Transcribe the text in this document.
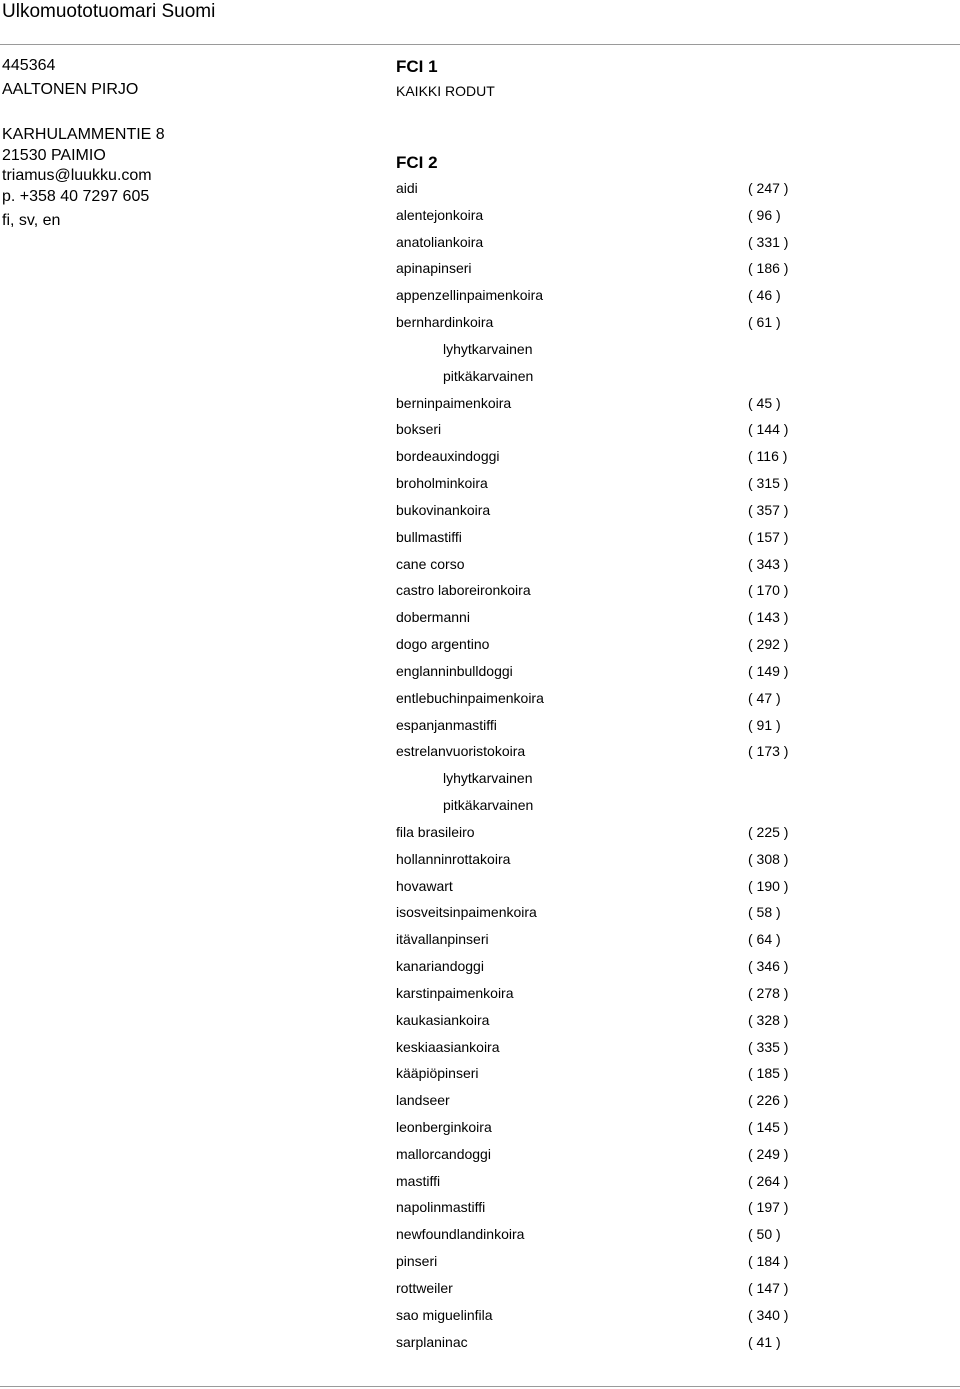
Ulkomuototuomari Suomi
445364
AALTONEN PIRJO
KARHULAMMENTIE 8
21530 PAIMIO
triamus@luukku.com
p. +358 40 7297 605
fi, sv, en
FCI 1
KAIKKI RODUT
FCI 2
aidi	( 247 )
alentejonkoira	( 96 )
anatoliankoira	( 331 )
apinapinseri	( 186 )
appenzellinpaimenkoira	( 46 )
bernhardinkoira	( 61 )
lyhytkarvainen
pitkäkarvainen
berninpaimenkoira	( 45 )
bokseri	( 144 )
bordeauxindoggi	( 116 )
broholminkoira	( 315 )
bukovinankoira	( 357 )
bullmastiffi	( 157 )
cane corso	( 343 )
castro laboreironkoira	( 170 )
dobermanni	( 143 )
dogo argentino	( 292 )
englanninbulldoggi	( 149 )
entlebuchinpaimenkoira	( 47 )
espanjanmastiffi	( 91 )
estrelanvuoristokoira	( 173 )
lyhytkarvainen
pitkäkarvainen
fila brasileiro	( 225 )
hollanninrottakoira	( 308 )
hovawart	( 190 )
isosveitsinpaimenkoira	( 58 )
itävallanpinseri	( 64 )
kanariandoggi	( 346 )
karstinpaimenkoira	( 278 )
kaukasiankoira	( 328 )
keskiaasiankoira	( 335 )
kääpiöpinseri	( 185 )
landseer	( 226 )
leonberginkoira	( 145 )
mallorcandoggi	( 249 )
mastiffi	( 264 )
napolinmastiffi	( 197 )
newfoundlandinkoira	( 50 )
pinseri	( 184 )
rottweiler	( 147 )
sao miguelinfila	( 340 )
sarplaninac	( 41 )
